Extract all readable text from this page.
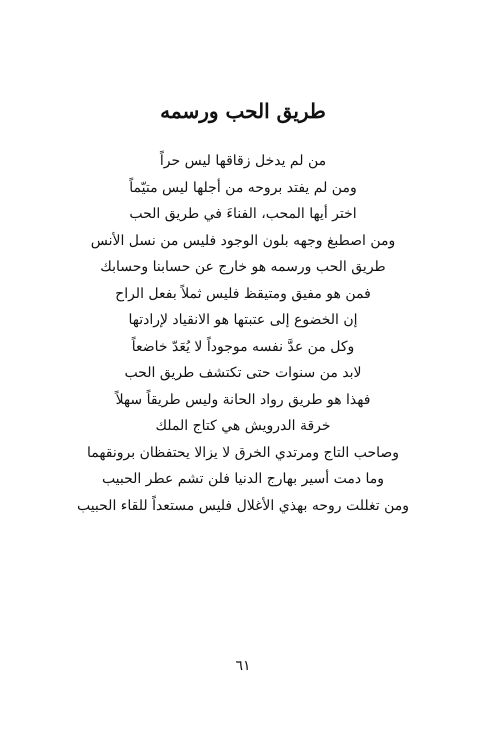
طريق الحب ورسمه
من لم يدخل زقاقها ليس حراً
ومن لم يفتد بروحه من أجلها ليس متيّماً
اختر أيها المحب، الفناءَ في طريق الحب
ومن اصطبغ وجهه بلون الوجود فليس من نسل الأنس
طريق الحب ورسمه هو خارج عن حسابنا وحسابك
فمن هو مفيق ومتيقظ فليس ثملاً بفعل الراح
إن الخضوع إلى عتبتها هو الانقياد لإرادتها
وكل من عدَّ نفسه موجوداً لا يُعَدّ خاضعاً
لابد من سنوات حتى تكتشف طريق الحب
فهذا هو طريق رواد الحانة وليس طريقاً سهلاً
خرقة الدرويش هي كتاج الملك
وصاحب التاج ومرتدي الخرق لا يزالا يحتفظان برونقهما
وما دمت أسير بهارج الدنيا فلن تشم عطر الحبيب
ومن تغللت روحه بهذي الأغلال فليس مستعداً للقاء الحبيب
٦١
